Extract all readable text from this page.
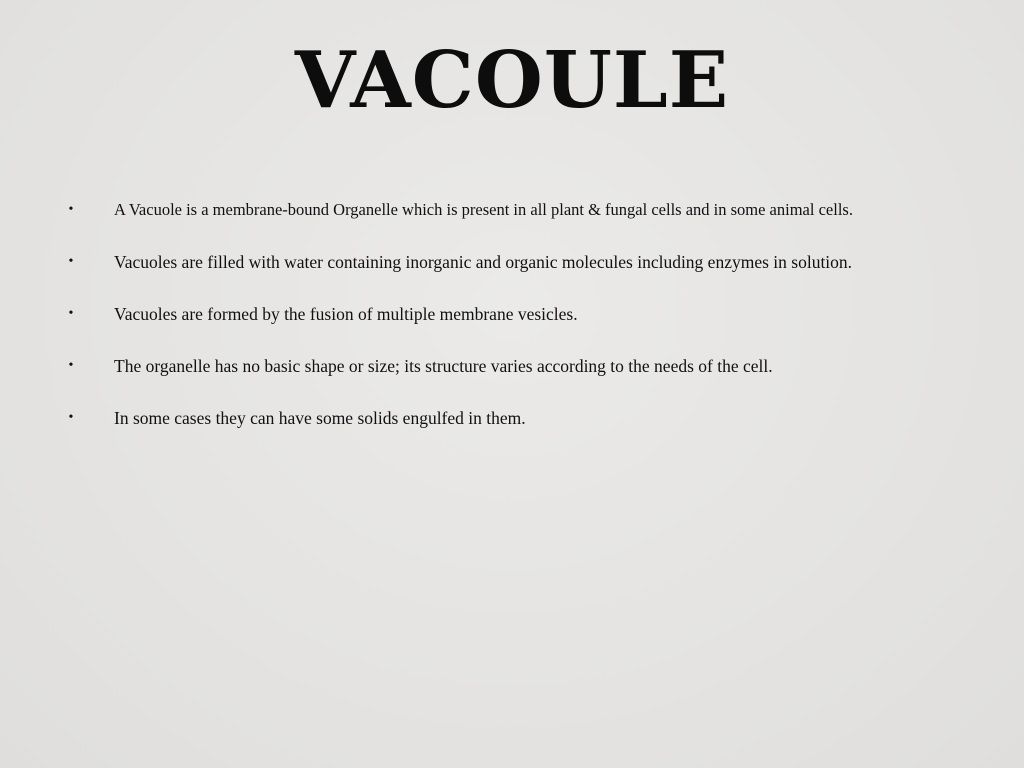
VACOULE
• A Vacuole is a membrane-bound Organelle which is present in all plant & fungal cells and in some animal cells.
• Vacuoles are filled with water containing inorganic and organic molecules including enzymes in solution.
• Vacuoles are formed by the fusion of multiple membrane vesicles.
• The organelle has no basic shape or size; its structure varies according to the needs of the cell.
• In some cases they can have some solids engulfed in them.
